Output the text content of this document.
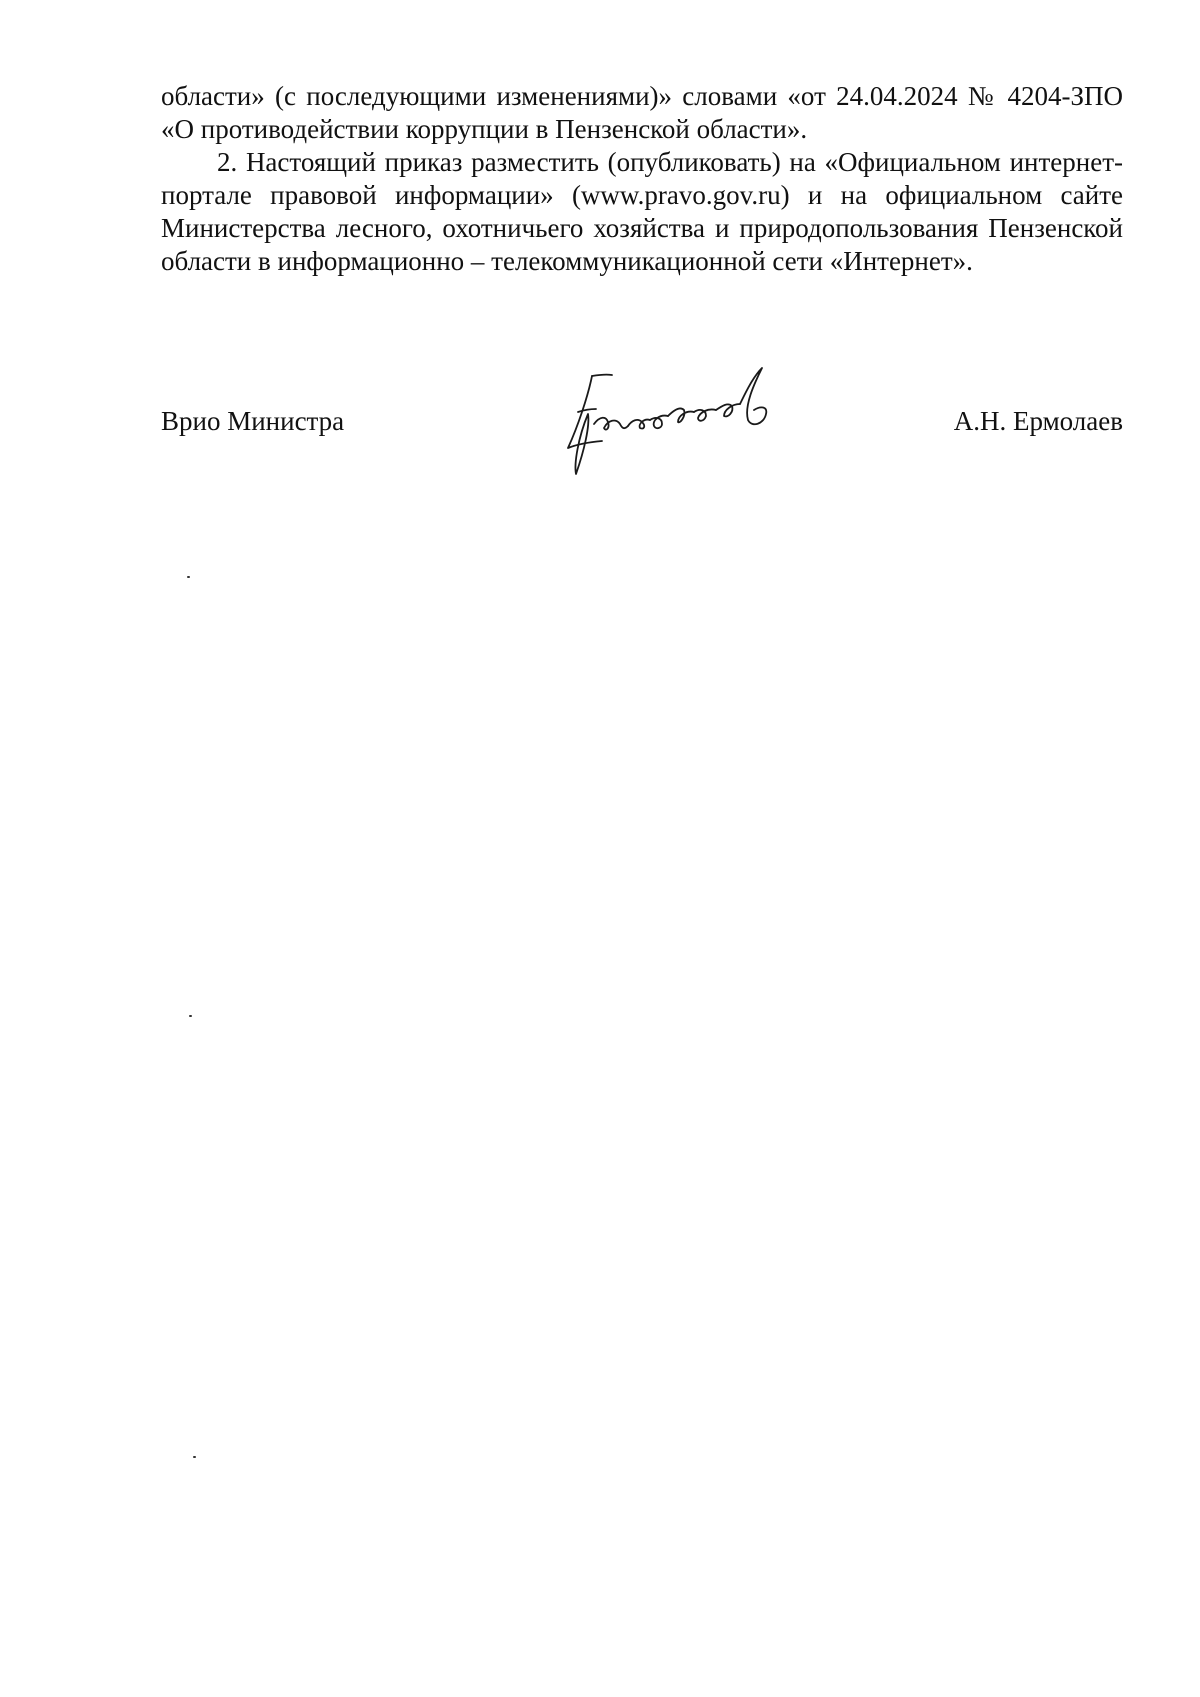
области» (с последующими изменениями)» словами «от 24.04.2024 № 4204-ЗПО «О противодействии коррупции в Пензенской области».

2. Настоящий приказ разместить (опубликовать) на «Официальном интернет-портале правовой информации» (www.pravo.gov.ru) и на официальном сайте Министерства лесного, охотничьего хозяйства и природопользования Пензенской области в информационно – телекоммуникационной сети «Интернет».

Врио Министра	А.Н. Ермолаев
